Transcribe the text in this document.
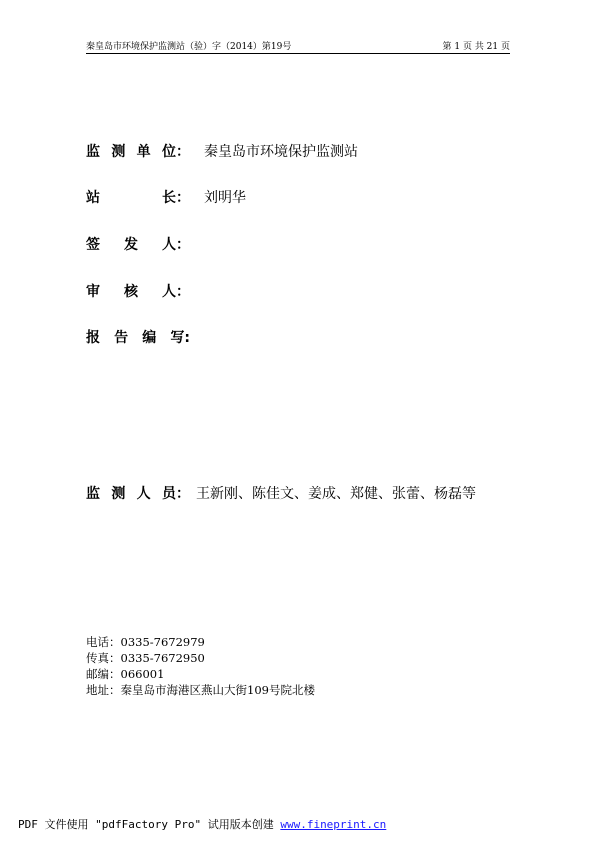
秦皇岛市环境保护监测站（验）字（2014）第19号	第 1 页 共 21 页
监 测 单 位： 秦皇岛市环境保护监测站
站	长： 刘明华
签 发 人：
审 核 人：
报 告 编 写:
监 测 人 员： 王新刚、陈佳文、姜成、郑健、张蕾、杨磊等
电话：0335-7672979
传真：0335-7672950
邮编：066001
地址：秦皇岛市海港区燕山大街109号院北楼
PDF 文件使用 "pdfFactory Pro" 试用版本创建 www.fineprint.cn
